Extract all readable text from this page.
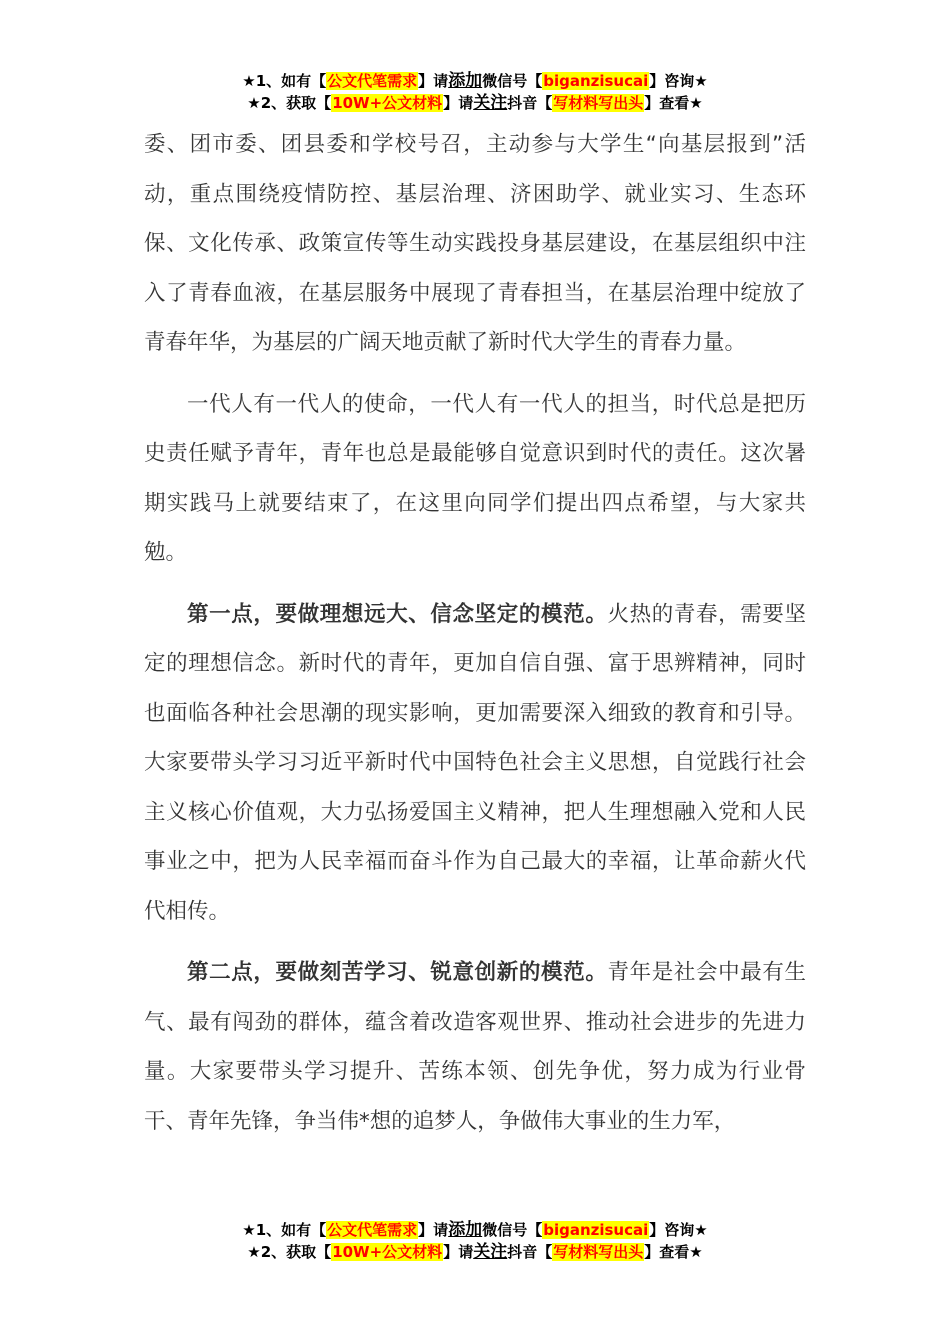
★1、如有【公文代笔需求】请添加微信号【biganzisucai】咨询★
★2、获取【10W+公文材料】请关注抖音【写材料写出头】查看★

委、团市委、团县委和学校号召，主动参与大学生“向基层报到”活动，重点围绕疫情防控、基层治理、济困助学、就业实习、生态环保、文化传承、政策宣传等生动实践投身基层建设，在基层组织中注入了青春血液，在基层服务中展现了青春担当，在基层治理中绽放了青春年华，为基层的广阔天地贡献了新时代大学生的青春力量。

一代人有一代人的使命，一代人有一代人的担当，时代总是把历史责任赋予青年，青年也总是最能够自觉意识到时代的责任。这次暑期实践马上就要结束了，在这里向同学们提出四点希望，与大家共勉。

第一点，要做理想远大、信念坚定的模范。火热的青春，需要坚定的理想信念。新时代的青年，更加自信自强、富于思辨精神，同时也面临各种社会思潮的现实影响，更加需要深入细致的教育和引导。大家要带头学习习近平新时代中国特色社会主义思想，自觉践行社会主义核心价值观，大力弘扬爱国主义精神，把人生理想融入党和人民事业之中，把为人民幸福而奋斗作为自己最大的幸福，让革命薪火代代相传。

第二点，要做刻苦学习、锐意创新的模范。青年是社会中最有生气、最有闯劲的群体，蕴含着改造客观世界、推动社会进步的先进力量。大家要带头学习提升、苦练本领、创先争优，努力成为行业骨干、青年先锋，争当伟*想的追梦人，争做伟大事业的生力军，

★1、如有【公文代笔需求】请添加微信号【biganzisucai】咨询★
★2、获取【10W+公文材料】请关注抖音【写材料写出头】查看★
